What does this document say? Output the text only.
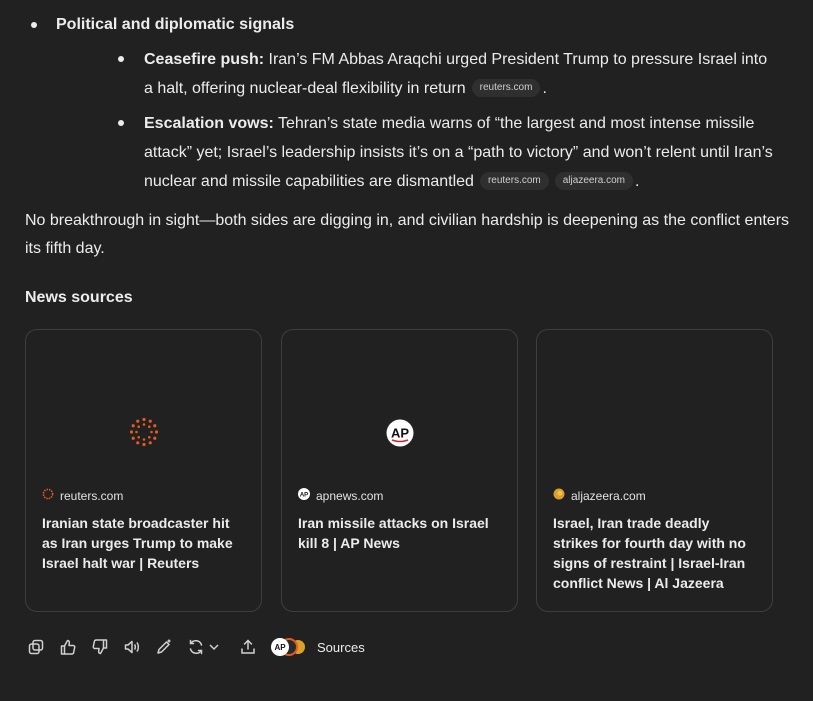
Political and diplomatic signals
Ceasefire push: Iran’s FM Abbas Araqchi urged President Trump to pressure Israel into a halt, offering nuclear-deal flexibility in return reuters.com .
Escalation vows: Tehran’s state media warns of “the largest and most intense missile attack” yet; Israel’s leadership insists it’s on a “path to victory” and won’t relent until Iran’s nuclear and missile capabilities are dismantled reuters.com aljazeera.com .
No breakthrough in sight—both sides are digging in, and civilian hardship is deepening as the conflict enters its fifth day.
News sources
reuters.com
Iranian state broadcaster hit as Iran urges Trump to make Israel halt war | Reuters
AP
AP apnews.com
Iran missile attacks on Israel kill 8 | AP News
aljazeera.com
Israel, Iran trade deadly strikes for fourth day with no signs of restraint | Israel-Iran conflict News | Al Jazeera
AP Sources
